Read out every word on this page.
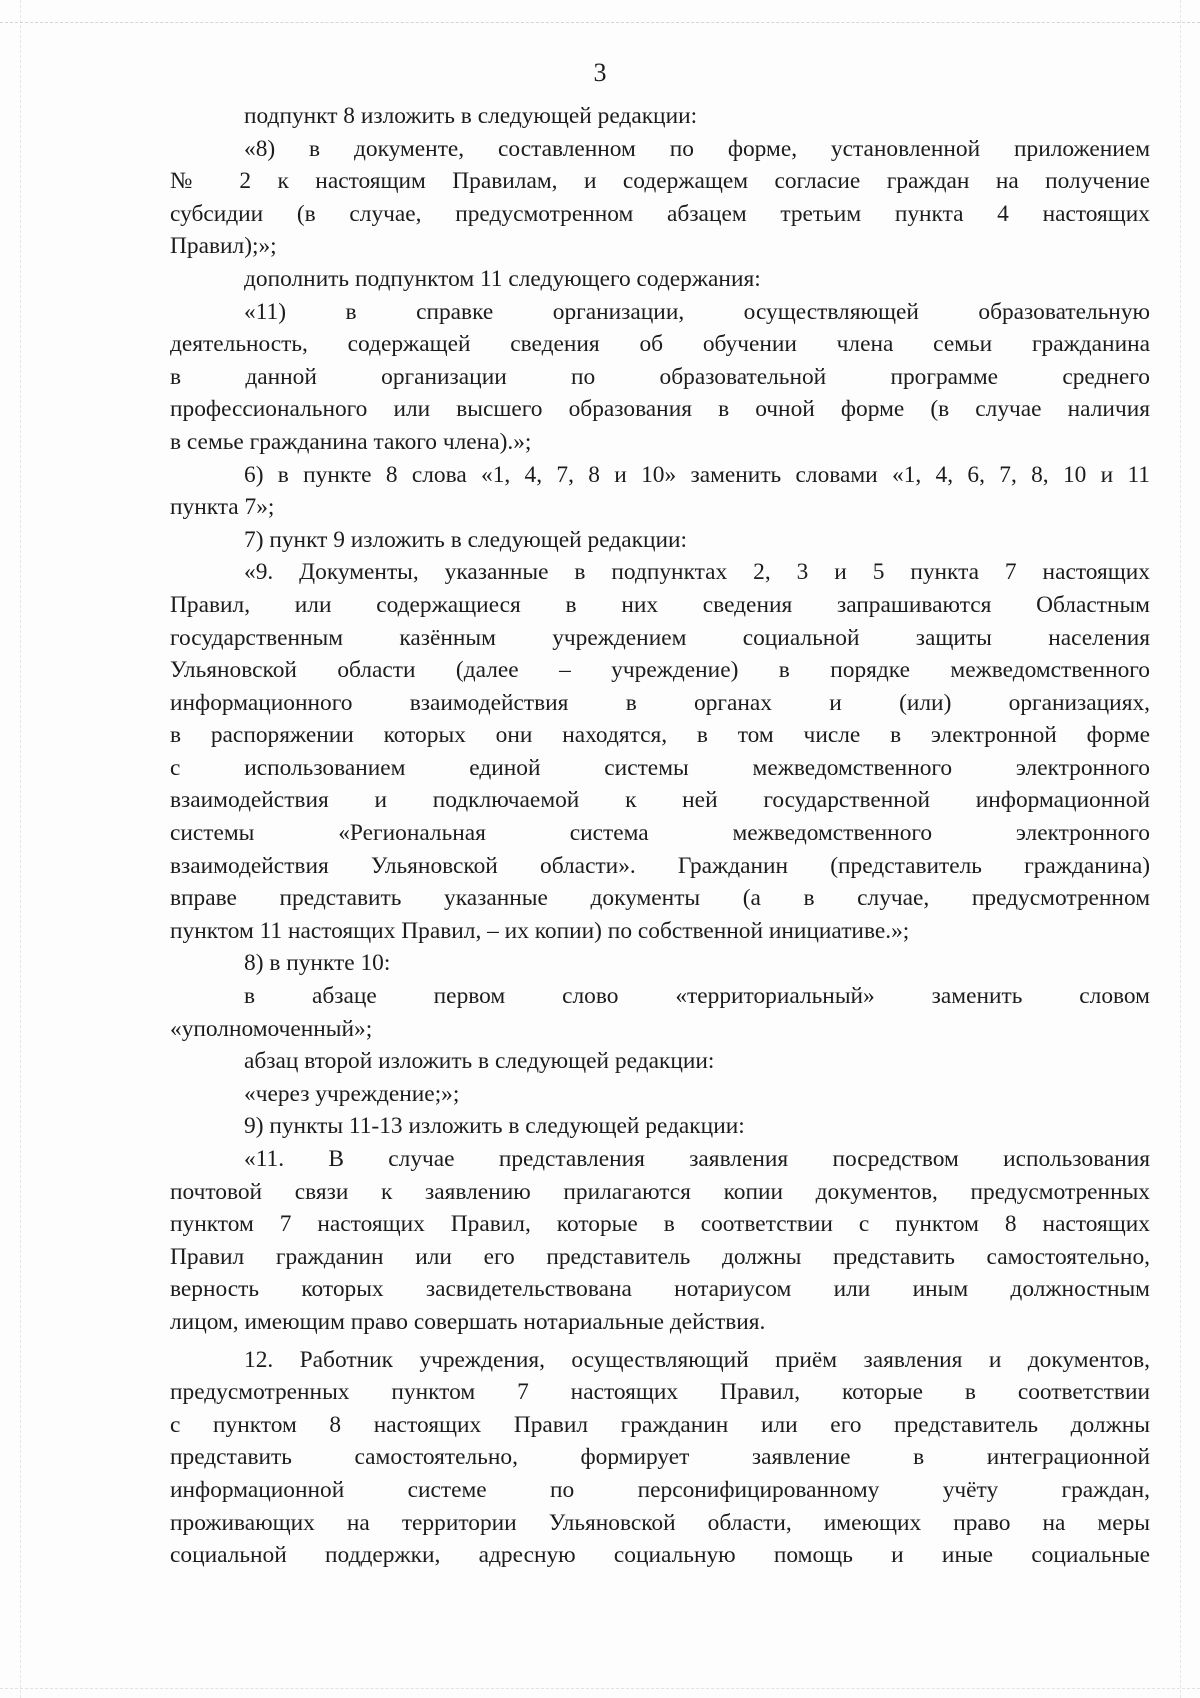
3

подпункт 8 изложить в следующей редакции:

«8) в документе, составленном по форме, установленной приложением

№ 2 к настоящим Правилам, и содержащем согласие граждан на получение

субсидии (в случае, предусмотренном абзацем третьим пункта 4 настоящих

Правил);»;

дополнить подпунктом 11 следующего содержания:

«11) в справке организации, осуществляющей образовательную

деятельность, содержащей сведения об обучении члена семьи гражданина

в данной организации по образовательной программе среднего

профессионального или высшего образования в очной форме (в случае наличия

в семье гражданина такого члена).»;

6) в пункте 8 слова «1, 4, 7, 8 и 10» заменить словами «1, 4, 6, 7, 8, 10 и 11

пункта 7»;

7) пункт 9 изложить в следующей редакции:

«9. Документы, указанные в подпунктах 2, 3 и 5 пункта 7 настоящих

Правил, или содержащиеся в них сведения запрашиваются Областным

государственным казённым учреждением социальной защиты населения

Ульяновской области (далее – учреждение) в порядке межведомственного

информационного взаимодействия в органах и (или) организациях,

в распоряжении которых они находятся, в том числе в электронной форме

с использованием единой системы межведомственного электронного

взаимодействия и подключаемой к ней государственной информационной

системы «Региональная система межведомственного электронного

взаимодействия Ульяновской области». Гражданин (представитель гражданина)

вправе представить указанные документы (а в случае, предусмотренном

пунктом 11 настоящих Правил, – их копии) по собственной инициативе.»;

8) в пункте 10:

в абзаце первом слово «территориальный» заменить словом

«уполномоченный»;

абзац второй изложить в следующей редакции:

«через учреждение;»;

9) пункты 11-13 изложить в следующей редакции:

«11. В случае представления заявления посредством использования

почтовой связи к заявлению прилагаются копии документов, предусмотренных

пунктом 7 настоящих Правил, которые в соответствии с пунктом 8 настоящих

Правил гражданин или его представитель должны представить самостоятельно,

верность которых засвидетельствована нотариусом или иным должностным

лицом, имеющим право совершать нотариальные действия.

12. Работник учреждения, осуществляющий приём заявления и документов,

предусмотренных пунктом 7 настоящих Правил, которые в соответствии

с пунктом 8 настоящих Правил гражданин или его представитель должны

представить самостоятельно, формирует заявление в интеграционной

информационной системе по персонифицированному учёту граждан,

проживающих на территории Ульяновской области, имеющих право на меры

социальной поддержки, адресную социальную помощь и иные социальные
